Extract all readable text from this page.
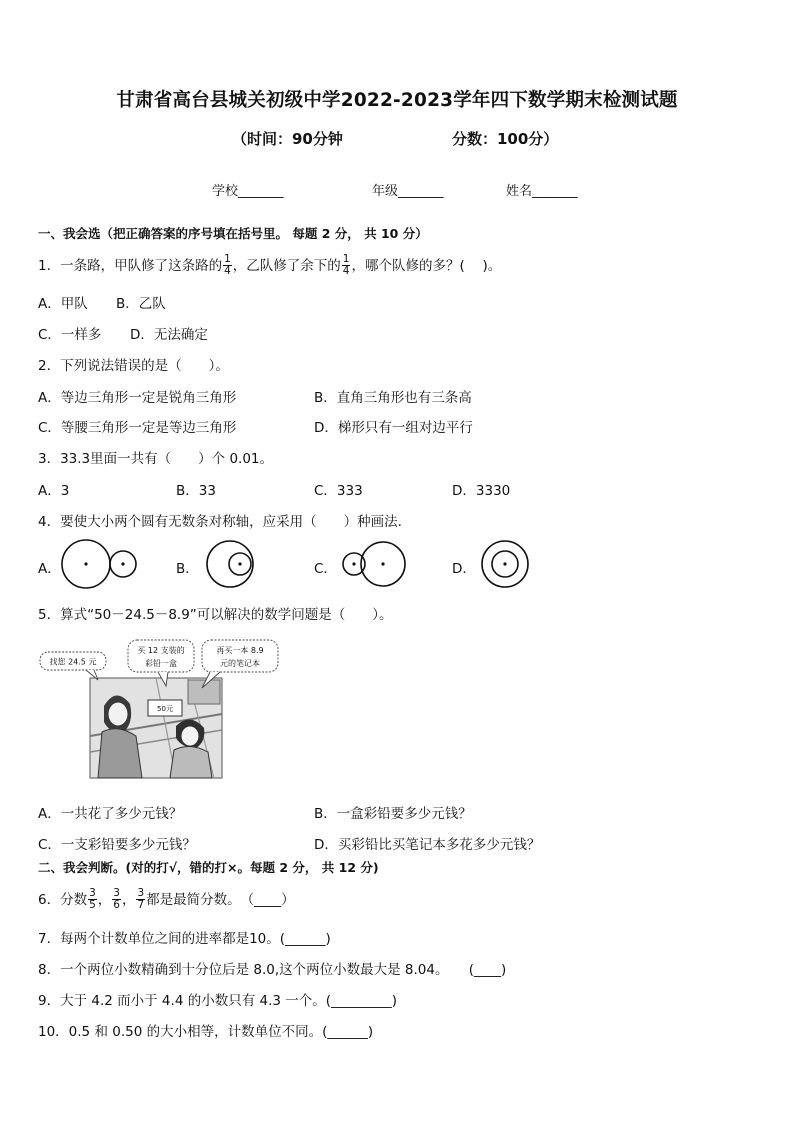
甘肃省高台县城关初级中学2022-2023学年四下数学期末检测试题
（时间：90分钟	分数：100分）
学校_______	年级_______	姓名_______
一、我会选（把正确答案的序号填在括号里。 每题 2 分， 共 10 分）
1．一条路，甲队修了这条路的 $\frac{1}{4}$ ，乙队修了余下的 $\frac{1}{4}$ ，哪个队修的多？(　 )。
A．甲队 B．乙队
C．一样多 D．无法确定
2．下列说法错误的是（　　）。
A．等边三角形一定是锐角三角形	B．直角三角形也有三条高
C．等腰三角形一定是等边三角形	D．梯形只有一组对边平行
3．33.3里面一共有（　　）个 0.01。
A．3	B．33	C．333	D．3330
4．要使大小两个圆有无数条对称轴，应采用（　　）种画法.
A．	B．	C．	D．
5．算式“50－24.5－8.9”可以解决的数学问题是（　　）。
50元
找您 24.5 元
买 12 支装的
彩铅一盒
再买一本 8.9
元的笔记本
A．一共花了多少元钱？	B．一盒彩铅要多少元钱？
C．一支彩铅要多少元钱？	D．买彩铅比买笔记本多花多少元钱？
二、我会判断。(对的打√，错的打×。每题 2 分， 共 12 分)
6．分数 $\frac{3}{5}$ ， $\frac{3}{6}$ ， $\frac{3}{7}$ 都是最简分数。　（____）
7．每两个计数单位之间的进率都是10。(______)
8．一个两位小数精确到十分位后是 8.0,这个两位小数最大是 8.04。　　(____)
9．大于 4.2 而小于 4.4 的小数只有 4.3 一个。(_________)
10．0.5 和 0.50 的大小相等，计数单位不同。(______)
